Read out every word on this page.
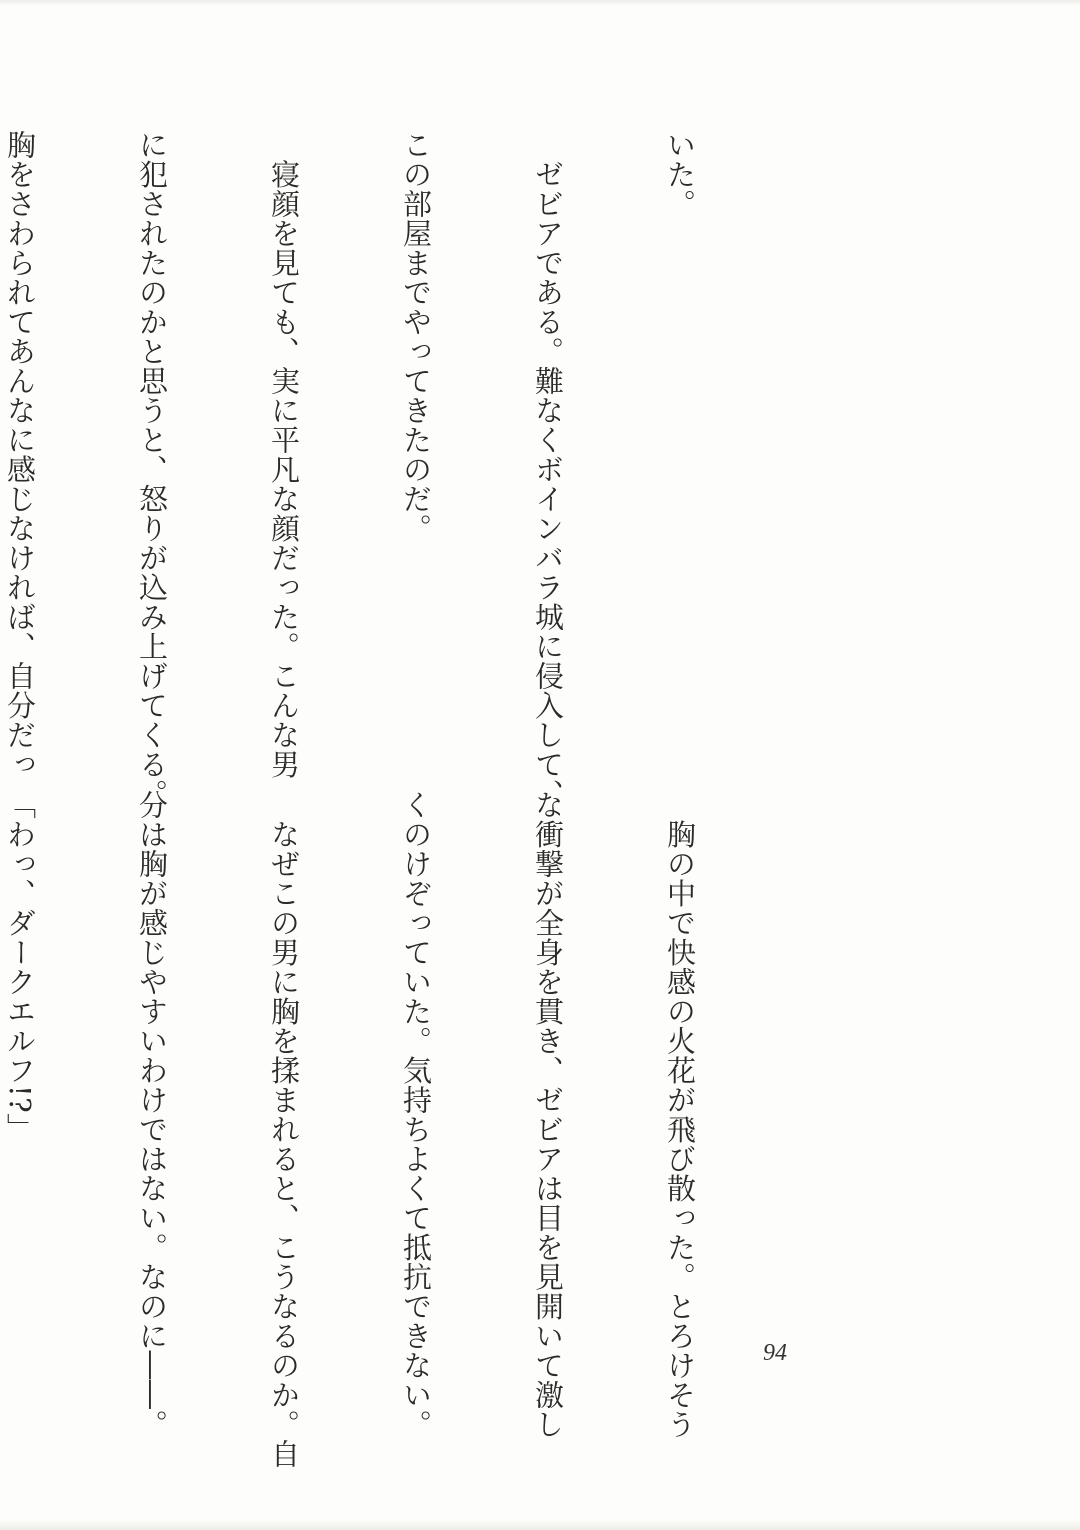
いた。

　ゼビアである。難なくボインバラ城に侵入して、

この部屋までやってきたのだ。

　寝顔を見ても、実に平凡な顔だった。こんな男

に犯されたのかと思うと、怒りが込み上げてくる。

胸をさわられてあんなに感じなければ、自分だっ

　胸の中で快感の火花が飛び散った。とろけそう

な衝撃が全身を貫き、ゼビアは目を見開いて激し

くのけぞっていた。気持ちよくて抵抗できない。

　なぜこの男に胸を揉まれると、こうなるのか。自

分は胸が感じやすいわけではない。なのに――。

「わっ、ダークエルフ!?」

94
